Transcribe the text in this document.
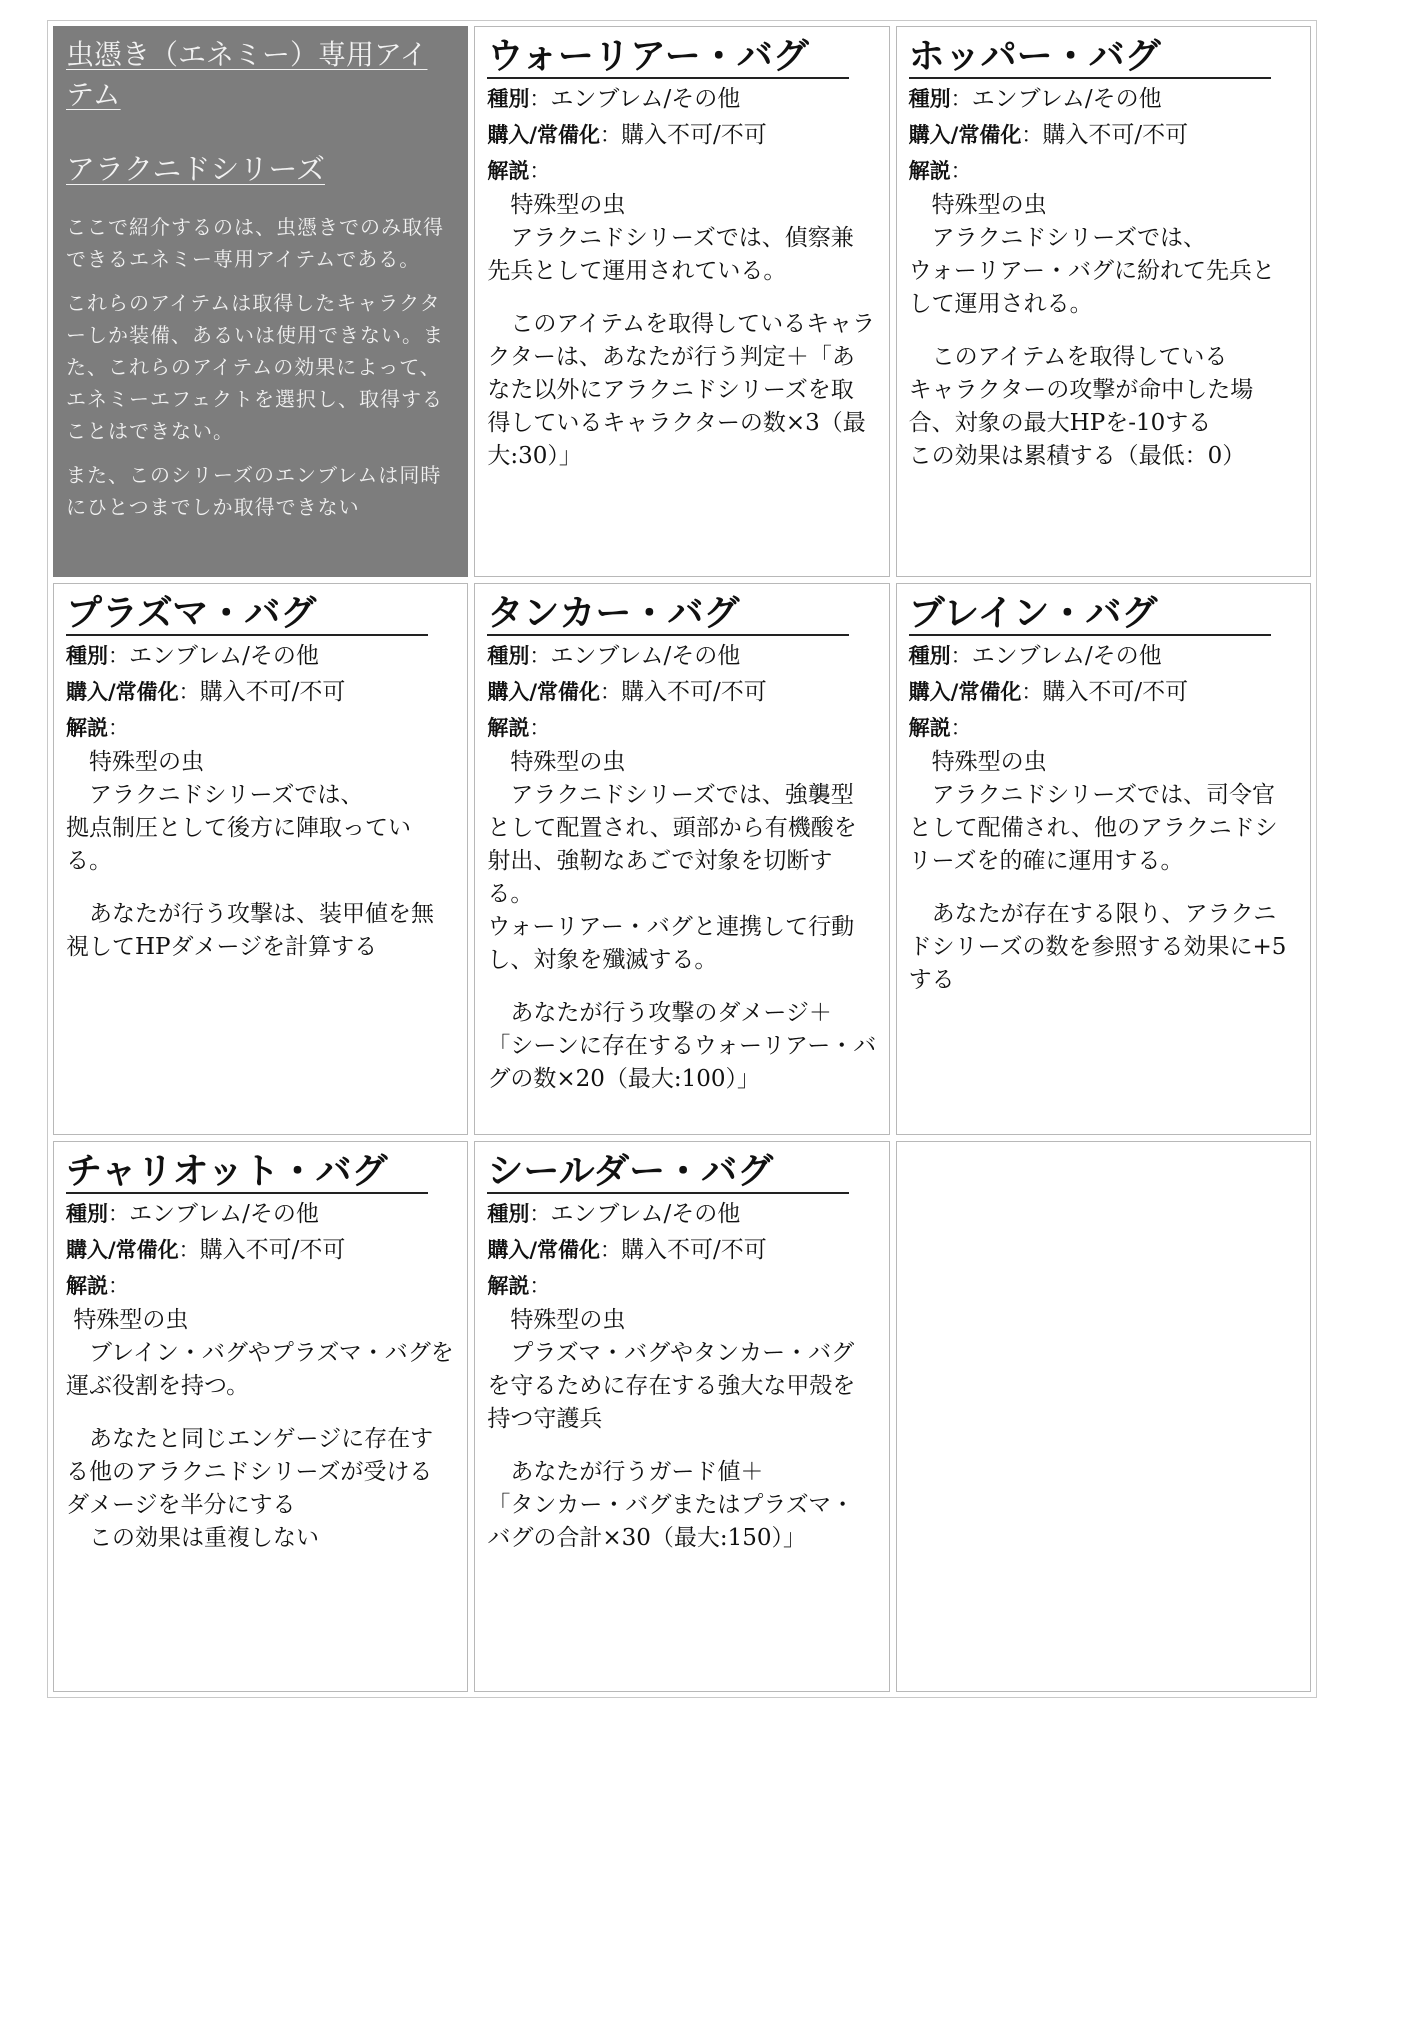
虫憑き（エネミー）専用アイテム
アラクニドシリーズ

ここで紹介するのは、虫憑きでのみ取得できるエネミー専用アイテムである。

これらのアイテムは取得したキャラクターしか装備、あるいは使用できない。また、これらのアイテムの効果によって、エネミーエフェクトを選択し、取得することはできない。

また、このシリーズのエンブレムは同時にひとつまでしか取得できない

ウォーリアー・バグ

種別：エンブレム/その他

購入/常備化：購入不可/不可

解説：

　特殊型の虫
　アラクニドシリーズでは、偵察兼先兵として運用されている。

　このアイテムを取得しているキャラクターは、あなたが行う判定＋「あなた以外にアラクニドシリーズを取得しているキャラクターの数×3（最大:30）」

ホッパー・バグ

種別：エンブレム/その他

購入/常備化：購入不可/不可

解説：

　特殊型の虫
　アラクニドシリーズでは、
ウォーリアー・バグに紛れて先兵として運用される。

　このアイテムを取得している
キャラクターの攻撃が命中した場合、対象の最大HPを-10する
この効果は累積する（最低：0）

プラズマ・バグ

種別：エンブレム/その他

購入/常備化：購入不可/不可

解説：

　特殊型の虫
　アラクニドシリーズでは、
拠点制圧として後方に陣取っている。

　あなたが行う攻撃は、装甲値を無視してHPダメージを計算する

タンカー・バグ

種別：エンブレム/その他

購入/常備化：購入不可/不可

解説：

　特殊型の虫
　アラクニドシリーズでは、強襲型として配置され、頭部から有機酸を射出、強靭なあごで対象を切断する。
ウォーリアー・バグと連携して行動し、対象を殲滅する。

　あなたが行う攻撃のダメージ＋「シーンに存在するウォーリアー・バグの数×20（最大:100）」

ブレイン・バグ

種別：エンブレム/その他

購入/常備化：購入不可/不可

解説：

　特殊型の虫
　アラクニドシリーズでは、司令官として配備され、他のアラクニドシリーズを的確に運用する。

　あなたが存在する限り、アラクニドシリーズの数を参照する効果に+5する

チャリオット・バグ

種別：エンブレム/その他

購入/常備化：購入不可/不可

解説：

特殊型の虫
　ブレイン・バグやプラズマ・バグを運ぶ役割を持つ。

　あなたと同じエンゲージに存在する他のアラクニドシリーズが受けるダメージを半分にする
　この効果は重複しない

シールダー・バグ

種別：エンブレム/その他

購入/常備化：購入不可/不可

解説：

　特殊型の虫
　プラズマ・バグやタンカー・バグを守るために存在する強大な甲殻を持つ守護兵

　あなたが行うガード値＋
「タンカー・バグまたはプラズマ・バグの合計×30（最大:150）」
